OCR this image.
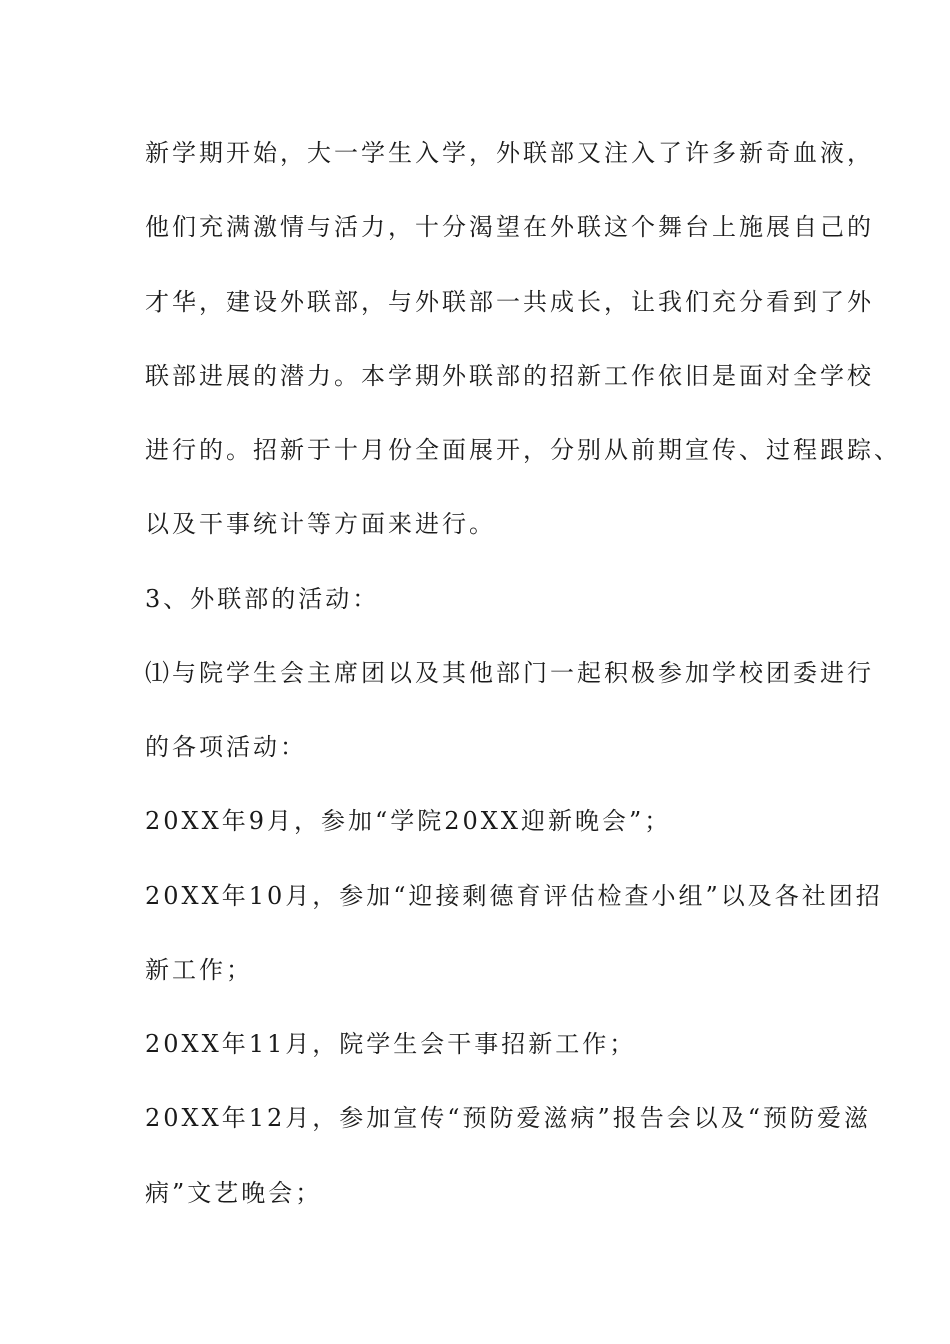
新学期开始，大一学生入学，外联部又注入了许多新奇血液，
他们充满激情与活力，十分渴望在外联这个舞台上施展自己的
才华，建设外联部，与外联部一共成长，让我们充分看到了外
联部进展的潜力。本学期外联部的招新工作依旧是面对全学校
进行的。招新于十月份全面展开，分别从前期宣传、过程跟踪、
以及干事统计等方面来进行。
3、外联部的活动：
⑴与院学生会主席团以及其他部门一起积极参加学校团委进行
的各项活动：
20XX年9月，参加“学院20XX迎新晚会”；
20XX年10月，参加“迎接剩德育评估检查小组”以及各社团招
新工作；
20XX年11月，院学生会干事招新工作；
20XX年12月，参加宣传“预防爱滋病”报告会以及“预防爱滋
病”文艺晚会；
